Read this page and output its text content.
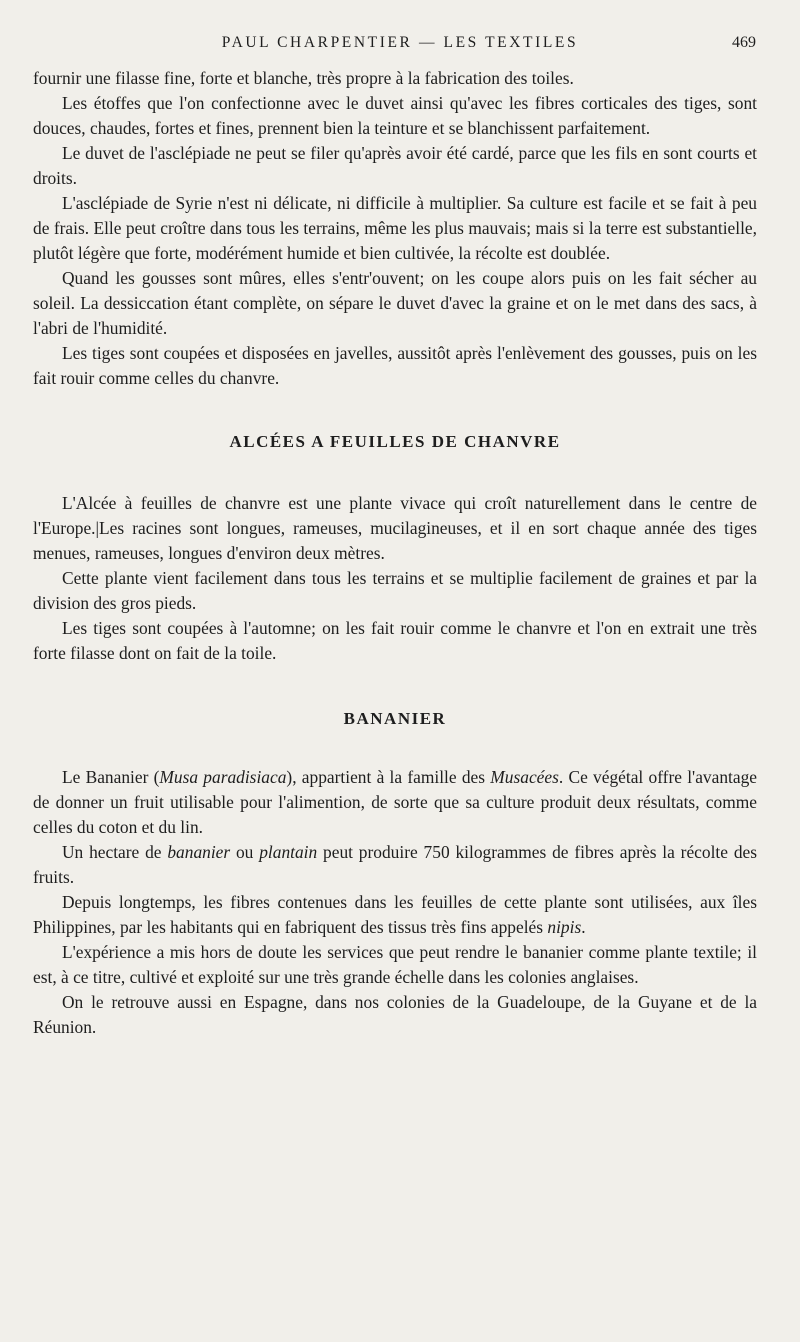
PAUL CHARPENTIER — LES TEXTILES	469

fournir une filasse fine, forte et blanche, très propre à la fabrication des toiles.

Les étoffes que l'on confectionne avec le duvet ainsi qu'avec les fibres corticales des tiges, sont douces, chaudes, fortes et fines, prennent bien la teinture et se blanchissent parfaitement.

Le duvet de l'asclépiade ne peut se filer qu'après avoir été cardé, parce que les fils en sont courts et droits.

L'asclépiade de Syrie n'est ni délicate, ni difficile à multiplier. Sa culture est facile et se fait à peu de frais. Elle peut croître dans tous les terrains, même les plus mauvais; mais si la terre est substantielle, plutôt légère que forte, modérément humide et bien cultivée, la récolte est doublée.

Quand les gousses sont mûres, elles s'entr'ouvent; on les coupe alors puis on les fait sécher au soleil. La dessiccation étant complète, on sépare le duvet d'avec la graine et on le met dans des sacs, à l'abri de l'humidité.

Les tiges sont coupées et disposées en javelles, aussitôt après l'enlèvement des gousses, puis on les fait rouir comme celles du chanvre.

ALCÉES A FEUILLES DE CHANVRE

L'Alcée à feuilles de chanvre est une plante vivace qui croît naturellement dans le centre de l'Europe.|Les racines sont longues, rameuses, mucilagineuses, et il en sort chaque année des tiges menues, rameuses, longues d'environ deux mètres.

Cette plante vient facilement dans tous les terrains et se multiplie facilement de graines et par la division des gros pieds.

Les tiges sont coupées à l'automne; on les fait rouir comme le chanvre et l'on en extrait une très forte filasse dont on fait de la toile.

BANANIER

Le Bananier (Musa paradisiaca), appartient à la famille des Musacées. Ce végétal offre l'avantage de donner un fruit utilisable pour l'alimention, de sorte que sa culture produit deux résultats, comme celles du coton et du lin.

Un hectare de bananier ou plantain peut produire 750 kilogrammes de fibres après la récolte des fruits.

Depuis longtemps, les fibres contenues dans les feuilles de cette plante sont utilisées, aux îles Philippines, par les habitants qui en fabriquent des tissus très fins appelés nipis.

L'expérience a mis hors de doute les services que peut rendre le bananier comme plante textile; il est, à ce titre, cultivé et exploité sur une très grande échelle dans les colonies anglaises.

On le retrouve aussi en Espagne, dans nos colonies de la Guadeloupe, de la Guyane et de la Réunion.
